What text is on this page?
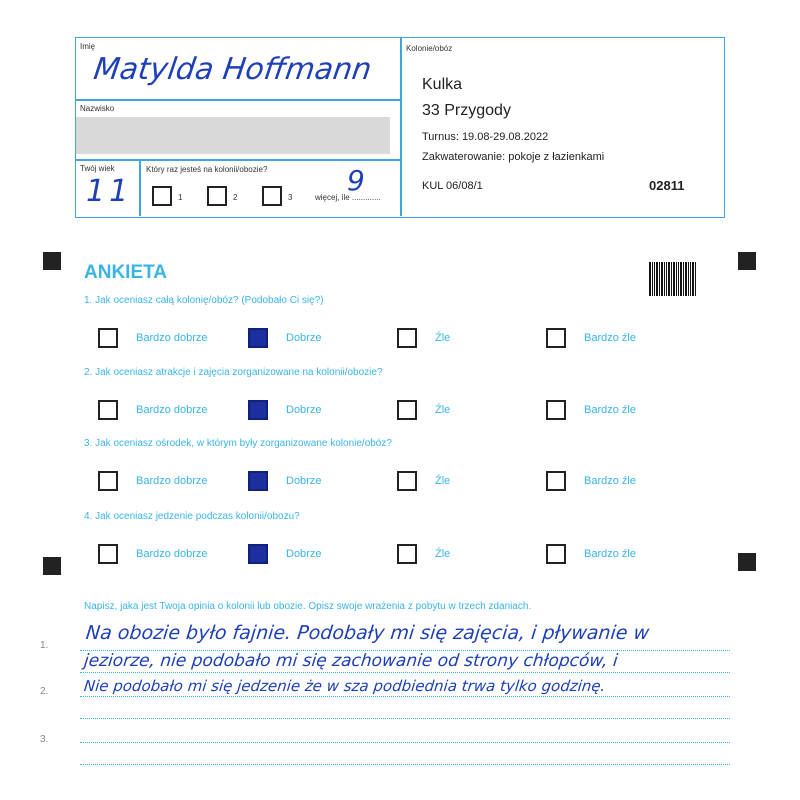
Imię
Matylda Hoffmann
Nazwisko
Twój wiek
11
Który raz jesteś na kolonii/obozie?
1	2	3	więcej, ile .............
9
Kolonie/obóz
Kulka
33 Przygody
Turnus: 19.08-29.08.2022
Zakwaterowanie: pokoje z łazienkami
KUL 06/08/1	02811
ANKIETA
1. Jak oceniasz całą kolonię/obóz? (Podobało Ci się?)
Bardzo dobrze	Dobrze	Źle	Bardzo źle
2. Jak oceniasz atrakcje i zajęcia zorganizowane na kolonii/obozie?
Bardzo dobrze	Dobrze	Źle	Bardzo źle
3. Jak oceniasz ośrodek, w którym były zorganizowane kolonie/obóz?
Bardzo dobrze	Dobrze	Źle	Bardzo źle
4. Jak oceniasz jedzenie podczas kolonii/obozu?
Bardzo dobrze	Dobrze	Źle	Bardzo źle
Napisz, jaka jest Twoja opinia o kolonii lub obozie. Opisz swoje wrażenia z pobytu w trzech zdaniach.
1.
2.
3.
Na obozie było fajnie. Podobały mi się zajęcia, i pływanie w
jeziorze, nie podobało mi się zachowanie od strony chłopców, i
Nie podobało mi się jedzenie że w sza podbiednia trwa tylko godzinę.
